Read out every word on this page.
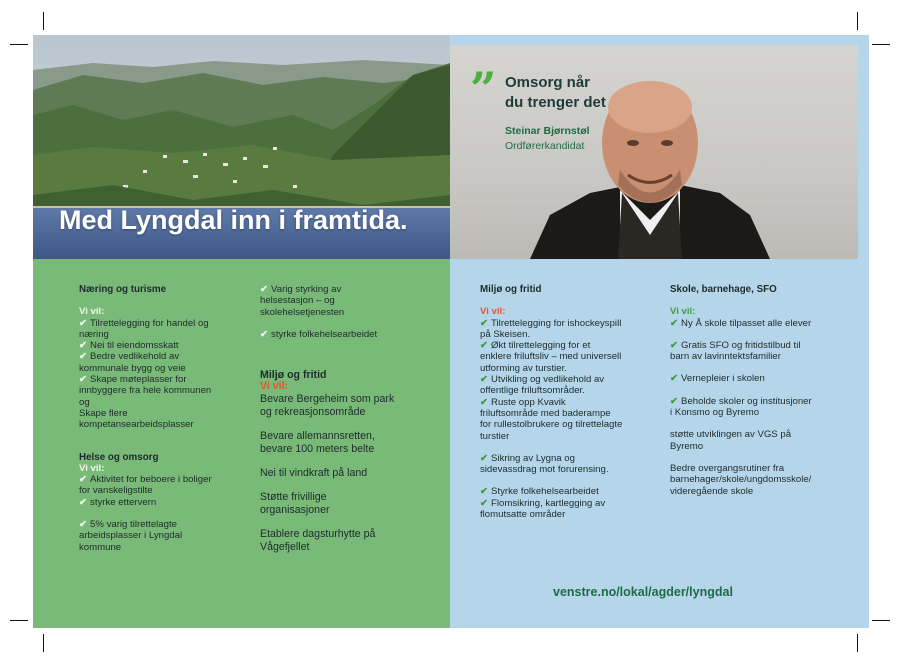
Med Lyngdal inn i framtida.
” Omsorg når
du trenger det
Steinar Bjørnstøl
Ordførerkandidat
Miljø og fritid
Vi vil:
✔ Tilrettelegging for ishockeyspill
på Skeisen.
✔ Økt tilrettelegging for et
enklere friluftsliv – med universell
utforming av turstier.
✔ Utvikling og vedlikehold av
offentlige friluftsområder.
✔ Ruste opp Kvavik
friluftsområde med baderampe
for rullestolbrukere og tilrettelagte
turstier
✔ Sikring av Lygna og
sidevassdrag mot forurensing.
✔ Styrke folkehelsearbeidet
✔ Flomsikring, kartlegging av
flomutsatte områder
Skole, barnehage, SFO
Vi vil:
✔ Ny Å skole tilpasset alle elever
✔ Gratis SFO og fritidstilbud til
barn av lavinntektsfamilier
✔ Vernepleier i skolen
✔ Beholde skoler og institusjoner
i Konsmo og Byremo
støtte utviklingen av VGS på
Byremo
Bedre overgangsrutiner fra
barnehager/skole/ungdomsskole/
videregående skole
Næring og turisme
Vi vil:
✔ Tilrettelegging for handel og
næring
✔ Nei til eiendomsskatt
✔ Bedre vedlikehold av
kommunale bygg og veie
✔ Skape møteplasser for
innbyggere fra hele kommunen
og
Skape flere
kompetansearbeidsplasser
Helse og omsorg
Vi vil:
✔ Aktivitet for beboere i boliger
for vanskeligstilte
✔ styrke ettervern
✔ 5% varig tilrettelagte
arbeidsplasser i Lyngdal
kommune
✔ Varig styrking av
helsestasjon – og
skolehelsetjenesten
✔ styrke folkehelsearbeidet
Miljø og fritid
Vi vil:
Bevare Bergeheim som park
og rekreasjonsområde
Bevare allemannsretten,
bevare 100 meters belte
Nei til vindkraft på land
Støtte frivillige
organisasjoner
Etablere dagsturhytte på
Vågefjellet
venstre.no/lokal/agder/lyngdal
